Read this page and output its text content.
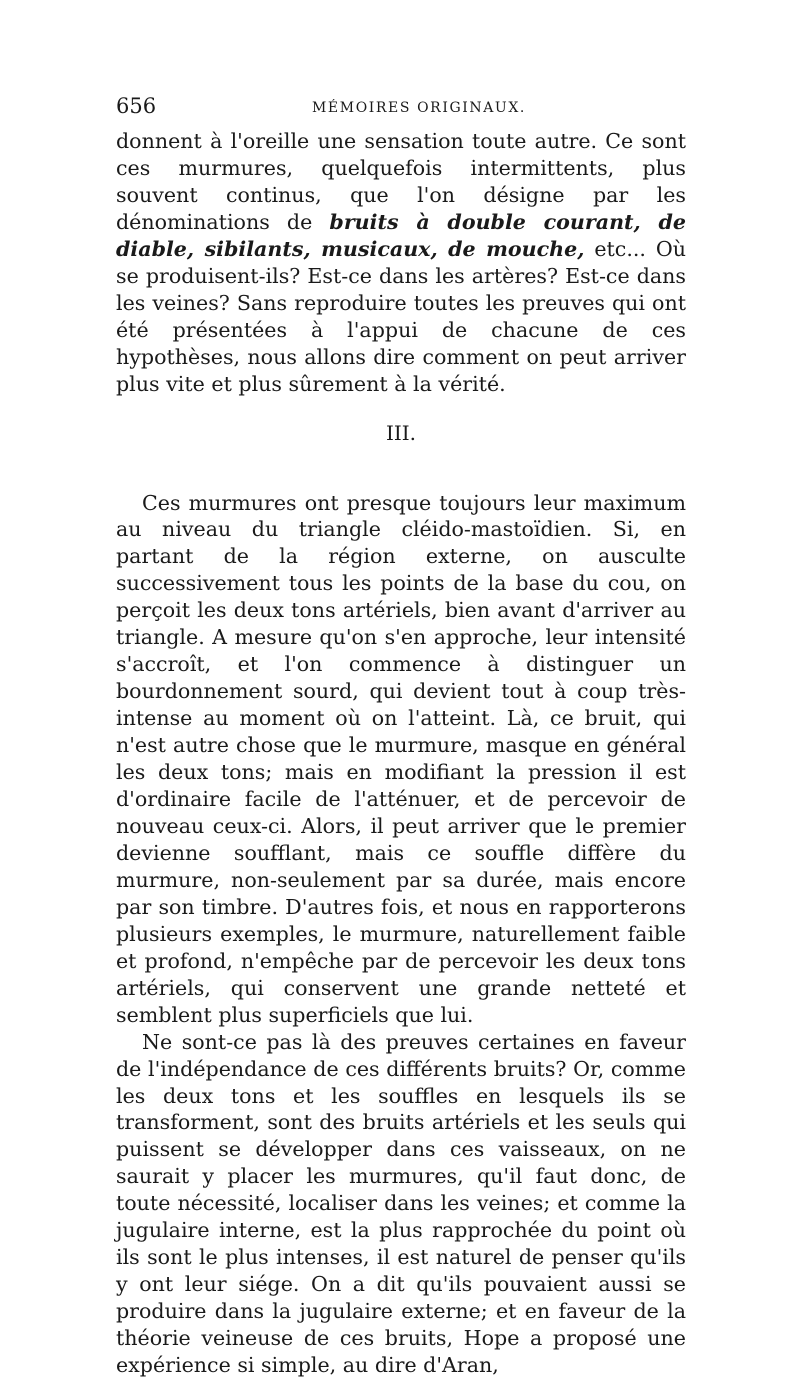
656	MÉMOIRES ORIGINAUX.

donnent à l'oreille une sensation toute autre. Ce sont ces murmures, quelquefois intermittents, plus souvent continus, que l'on désigne par les dénominations de bruits à double courant, de diable, sibilants, musicaux, de mouche, etc... Où se produisent-ils? Est-ce dans les artères? Est-ce dans les veines? Sans reproduire toutes les preuves qui ont été présentées à l'appui de chacune de ces hypothèses, nous allons dire comment on peut arriver plus vite et plus sûrement à la vérité.

III.

Ces murmures ont presque toujours leur maximum au niveau du triangle cléido-mastoïdien. Si, en partant de la région externe, on ausculte successivement tous les points de la base du cou, on perçoit les deux tons artériels, bien avant d'arriver au triangle. A mesure qu'on s'en approche, leur intensité s'accroît, et l'on commence à distinguer un bourdonnement sourd, qui devient tout à coup très-intense au moment où on l'atteint. Là, ce bruit, qui n'est autre chose que le murmure, masque en général les deux tons; mais en modifiant la pression il est d'ordinaire facile de l'atténuer, et de percevoir de nouveau ceux-ci. Alors, il peut arriver que le premier devienne soufflant, mais ce souffle diffère du murmure, non-seulement par sa durée, mais encore par son timbre. D'autres fois, et nous en rapporterons plusieurs exemples, le murmure, naturellement faible et profond, n'empêche par de percevoir les deux tons artériels, qui conservent une grande netteté et semblent plus superficiels que lui.

Ne sont-ce pas là des preuves certaines en faveur de l'indépendance de ces différents bruits? Or, comme les deux tons et les souffles en lesquels ils se transforment, sont des bruits artériels et les seuls qui puissent se développer dans ces vaisseaux, on ne saurait y placer les murmures, qu'il faut donc, de toute nécessité, localiser dans les veines; et comme la jugulaire interne, est la plus rapprochée du point où ils sont le plus intenses, il est naturel de penser qu'ils y ont leur siége. On a dit qu'ils pouvaient aussi se produire dans la jugulaire externe; et en faveur de la théorie veineuse de ces bruits, Hope a proposé une expérience si simple, au dire d'Aran,
